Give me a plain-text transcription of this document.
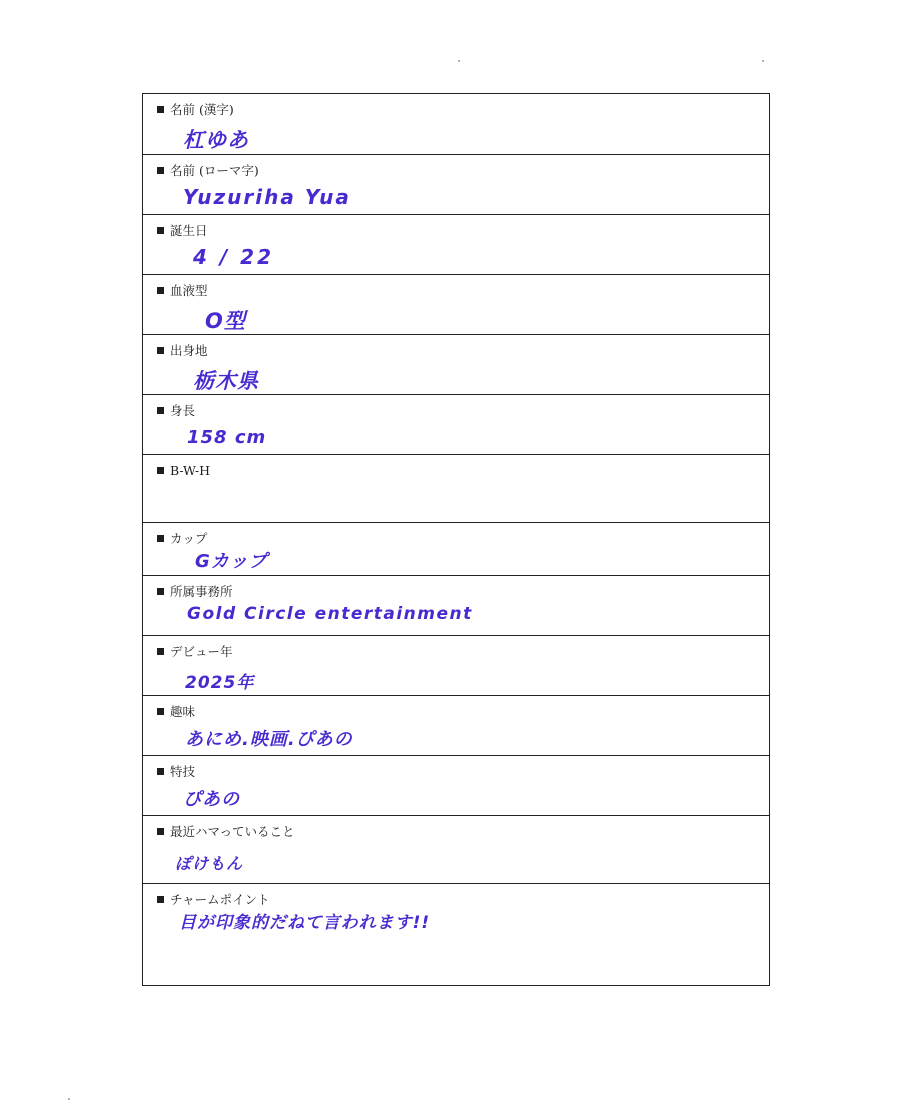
名前 (漢字)
杠ゆあ
名前 (ローマ字)
Yuzuriha Yua
誕生日
4 / 22
血液型
O型
出身地
栃木県
身長
158 cm
B-W-H
カップ
Gカップ
所属事務所
Gold Circle entertainment
デビュー年
2025年
趣味
あにめ.映画.ぴあの
特技
ぴあの
最近ハマっていること
ぽけもん
チャームポイント
目が印象的だねて言われます!!
